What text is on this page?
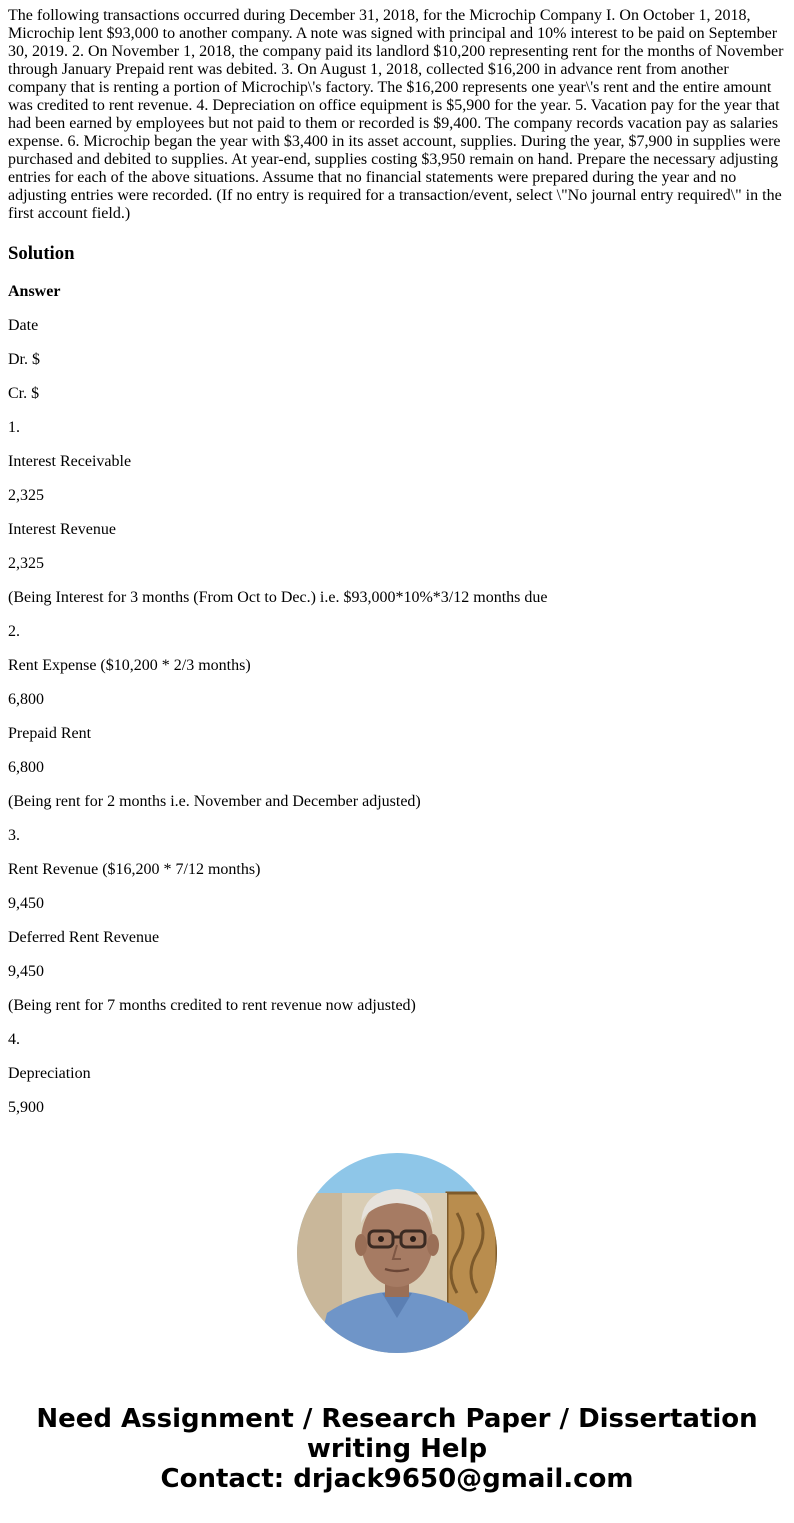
The following transactions occurred during December 31, 2018, for the Microchip Company I. On October 1, 2018, Microchip lent $93,000 to another company. A note was signed with principal and 10% interest to be paid on September 30, 2019. 2. On November 1, 2018, the company paid its landlord $10,200 representing rent for the months of November through January Prepaid rent was debited. 3. On August 1, 2018, collected $16,200 in advance rent from another company that is renting a portion of Microchip\'s factory. The $16,200 represents one year\'s rent and the entire amount was credited to rent revenue. 4. Depreciation on office equipment is $5,900 for the year. 5. Vacation pay for the year that had been earned by employees but not paid to them or recorded is $9,400. The company records vacation pay as salaries expense. 6. Microchip began the year with $3,400 in its asset account, supplies. During the year, $7,900 in supplies were purchased and debited to supplies. At year-end, supplies costing $3,950 remain on hand. Prepare the necessary adjusting entries for each of the above situations. Assume that no financial statements were prepared during the year and no adjusting entries were recorded. (If no entry is required for a transaction/event, select \"No journal entry required\" in the first account field.)

Solution

Answer

Date

Dr. $

Cr. $

1.

Interest Receivable

2,325

Interest Revenue

2,325

(Being Interest for 3 months (From Oct to Dec.) i.e. $93,000*10%*3/12 months due

2.

Rent Expense ($10,200 * 2/3 months)

6,800

Prepaid Rent

6,800

(Being rent for 2 months i.e. November and December adjusted)

3.

Rent Revenue ($16,200 * 7/12 months)

9,450

Deferred Rent Revenue

9,450

(Being rent for 7 months credited to rent revenue now adjusted)

4.

Depreciation

5,900

Need Assignment / Research Paper / Dissertation
writing Help
Contact: drjack9650@gmail.com
